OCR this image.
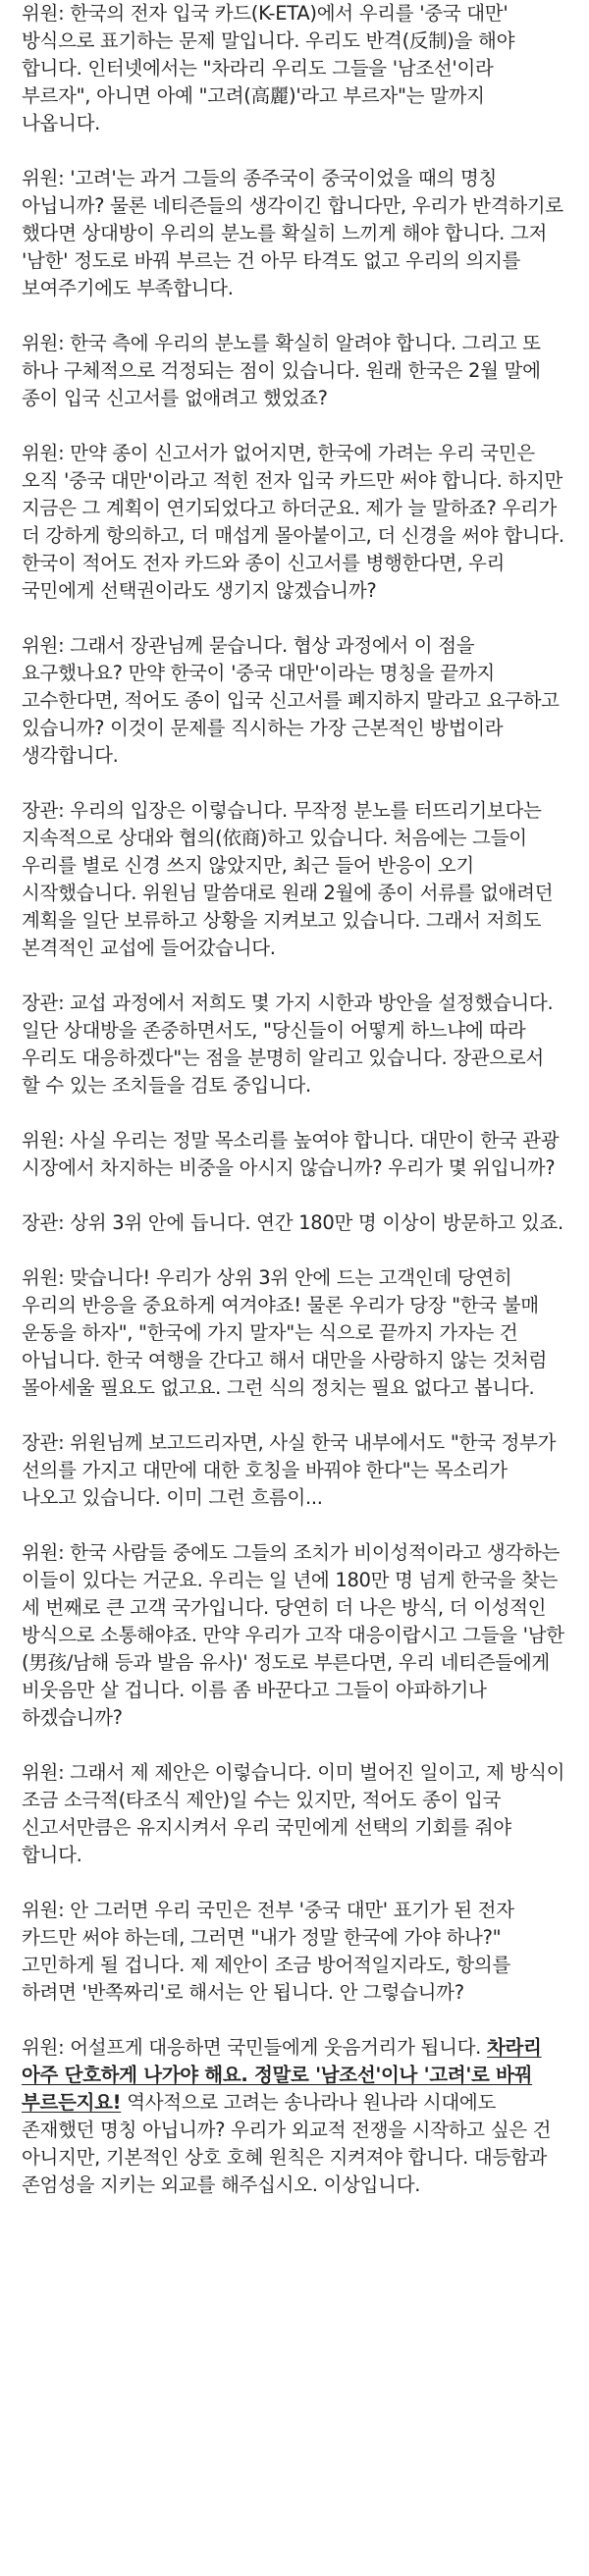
위원: 한국의 전자 입국 카드(K-ETA)에서 우리를 '중국 대만' 방식으로 표기하는 문제 말입니다. 우리도 반격(反制)을 해야 합니다. 인터넷에서는 "차라리 우리도 그들을 '남조선'이라 부르자", 아니면 아예 "고려(高麗)'라고 부르자"는 말까지 나옵니다.

위원: '고려'는 과거 그들의 종주국이 중국이었을 때의 명칭 아닙니까? 물론 네티즌들의 생각이긴 합니다만, 우리가 반격하기로 했다면 상대방이 우리의 분노를 확실히 느끼게 해야 합니다. 그저 '남한' 정도로 바꿔 부르는 건 아무 타격도 없고 우리의 의지를 보여주기에도 부족합니다.

위원: 한국 측에 우리의 분노를 확실히 알려야 합니다. 그리고 또 하나 구체적으로 걱정되는 점이 있습니다. 원래 한국은 2월 말에 종이 입국 신고서를 없애려고 했었죠?

위원: 만약 종이 신고서가 없어지면, 한국에 가려는 우리 국민은 오직 '중국 대만'이라고 적힌 전자 입국 카드만 써야 합니다. 하지만 지금은 그 계획이 연기되었다고 하더군요. 제가 늘 말하죠? 우리가 더 강하게 항의하고, 더 매섭게 몰아붙이고, 더 신경을 써야 합니다. 한국이 적어도 전자 카드와 종이 신고서를 병행한다면, 우리 국민에게 선택권이라도 생기지 않겠습니까?

위원: 그래서 장관님께 묻습니다. 협상 과정에서 이 점을 요구했나요? 만약 한국이 '중국 대만'이라는 명칭을 끝까지 고수한다면, 적어도 종이 입국 신고서를 폐지하지 말라고 요구하고 있습니까? 이것이 문제를 직시하는 가장 근본적인 방법이라 생각합니다.

장관: 우리의 입장은 이렇습니다. 무작정 분노를 터뜨리기보다는 지속적으로 상대와 협의(依商)하고 있습니다. 처음에는 그들이 우리를 별로 신경 쓰지 않았지만, 최근 들어 반응이 오기 시작했습니다. 위원님 말씀대로 원래 2월에 종이 서류를 없애려던 계획을 일단 보류하고 상황을 지켜보고 있습니다. 그래서 저희도 본격적인 교섭에 들어갔습니다.

장관: 교섭 과정에서 저희도 몇 가지 시한과 방안을 설정했습니다. 일단 상대방을 존중하면서도, "당신들이 어떻게 하느냐에 따라 우리도 대응하겠다"는 점을 분명히 알리고 있습니다. 장관으로서 할 수 있는 조치들을 검토 중입니다.

위원: 사실 우리는 정말 목소리를 높여야 합니다. 대만이 한국 관광 시장에서 차지하는 비중을 아시지 않습니까? 우리가 몇 위입니까?

장관: 상위 3위 안에 듭니다. 연간 180만 명 이상이 방문하고 있죠.

위원: 맞습니다! 우리가 상위 3위 안에 드는 고객인데 당연히 우리의 반응을 중요하게 여겨야죠! 물론 우리가 당장 "한국 불매 운동을 하자", "한국에 가지 말자"는 식으로 끝까지 가자는 건 아닙니다. 한국 여행을 간다고 해서 대만을 사랑하지 않는 것처럼 몰아세울 필요도 없고요. 그런 식의 정치는 필요 없다고 봅니다.

장관: 위원님께 보고드리자면, 사실 한국 내부에서도 "한국 정부가 선의를 가지고 대만에 대한 호칭을 바꿔야 한다"는 목소리가 나오고 있습니다. 이미 그런 흐름이...

위원: 한국 사람들 중에도 그들의 조치가 비이성적이라고 생각하는 이들이 있다는 거군요. 우리는 일 년에 180만 명 넘게 한국을 찾는 세 번째로 큰 고객 국가입니다. 당연히 더 나은 방식, 더 이성적인 방식으로 소통해야죠. 만약 우리가 고작 대응이랍시고 그들을 '남한(男孩/남해 등과 발음 유사)' 정도로 부른다면, 우리 네티즌들에게 비웃음만 살 겁니다. 이름 좀 바꾼다고 그들이 아파하기나 하겠습니까?

위원: 그래서 제 제안은 이렇습니다. 이미 벌어진 일이고, 제 방식이 조금 소극적(타조식 제안)일 수는 있지만, 적어도 종이 입국 신고서만큼은 유지시켜서 우리 국민에게 선택의 기회를 줘야 합니다.

위원: 안 그러면 우리 국민은 전부 '중국 대만' 표기가 된 전자 카드만 써야 하는데, 그러면 "내가 정말 한국에 가야 하나?" 고민하게 될 겁니다. 제 제안이 조금 방어적일지라도, 항의를 하려면 '반쪽짜리'로 해서는 안 됩니다. 안 그렇습니까?

위원: 어설프게 대응하면 국민들에게 웃음거리가 됩니다. 차라리 아주 단호하게 나가야 해요. 정말로 '남조선'이나 '고려'로 바꿔 부르든지요! 역사적으로 고려는 송나라나 원나라 시대에도 존재했던 명칭 아닙니까? 우리가 외교적 전쟁을 시작하고 싶은 건 아니지만, 기본적인 상호 호혜 원칙은 지켜져야 합니다. 대등함과 존엄성을 지키는 외교를 해주십시오. 이상입니다.
